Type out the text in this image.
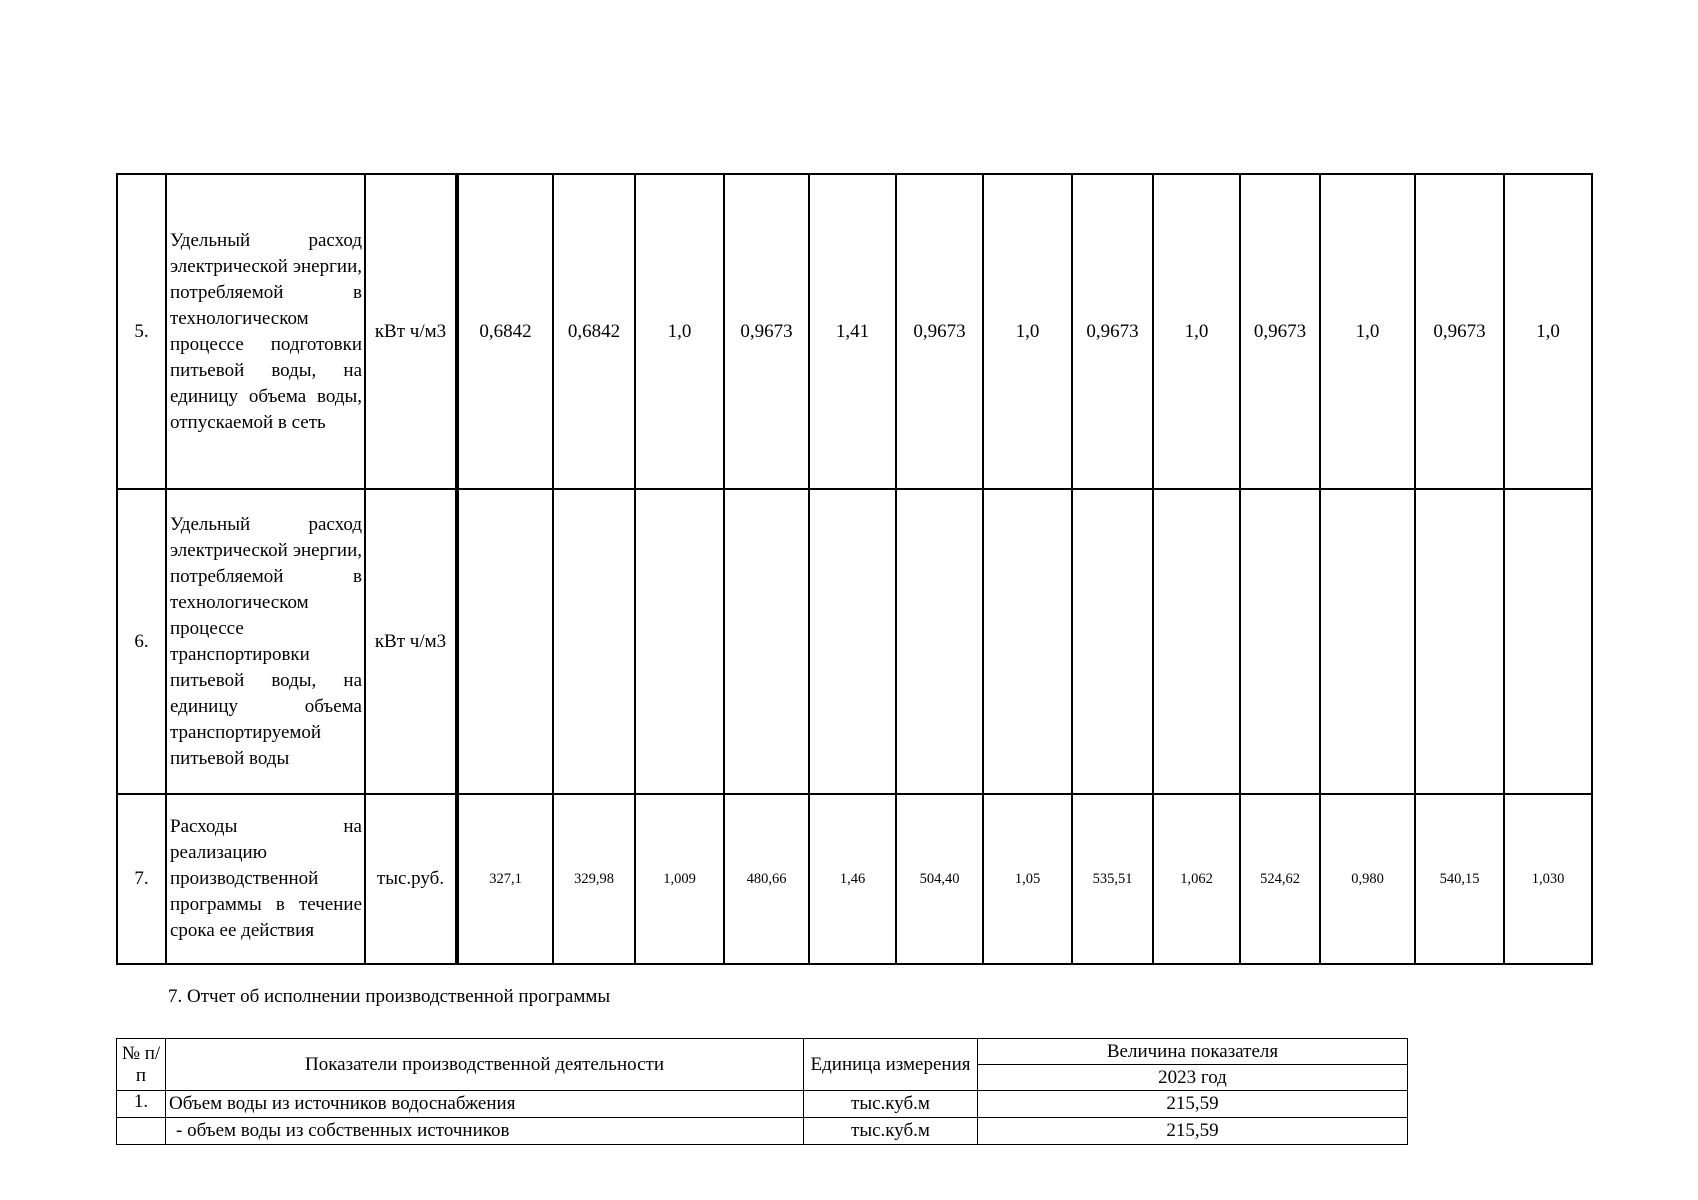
5.	Удельный расход электрической энергии, потребляемой в технологическом процессе подготовки питьевой воды, на единицу объема воды, отпускаемой в сеть	кВт ч/м3		0,6842	0,6842	1,0	0,9673	1,41	0,9673	1,0	0,9673	1,0	0,9673	1,0	0,9673	1,0
6.	Удельный расход электрической энергии, потребляемой в технологическом процессе транспортировки питьевой воды, на единицу объема транспортируемой питьевой воды	кВт ч/м3														
7.	Расходы на реализацию производственной программы в течение срока ее действия	тыс.руб.		327,1	329,98	1,009	480,66	1,46	504,40	1,05	535,51	1,062	524,62	0,980	540,15	1,030
7. Отчет об исполнении производственной программы
№ п/п	Показатели производственной деятельности	Единица измерения	Величина показателя
			2023 год
1.	Объем воды из источников водоснабжения	тыс.куб.м	215,59
	- объем воды из собственных источников	тыс.куб.м	215,59
